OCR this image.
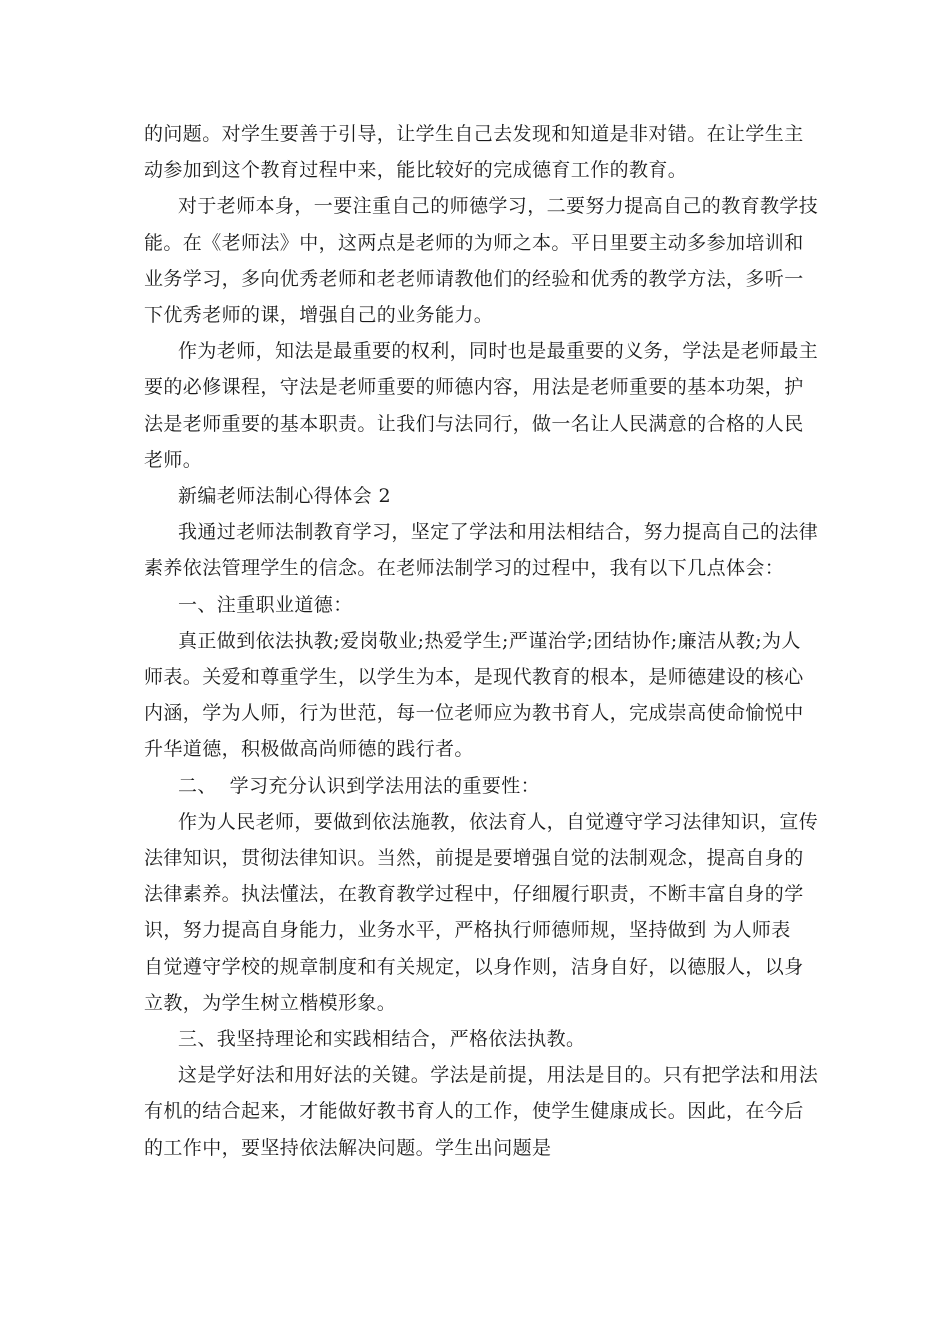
的问题。对学生要善于引导，让学生自己去发现和知道是非对错。在让学生主
动参加到这个教育过程中来，能比较好的完成德育工作的教育。

对于老师本身，一要注重自己的师德学习，二要努力提高自己的教育教学技
能。在《老师法》中，这两点是老师的为师之本。平日里要主动多参加培训和
业务学习，多向优秀老师和老老师请教他们的经验和优秀的教学方法，多听一
下优秀老师的课，增强自己的业务能力。

作为老师，知法是最重要的权利，同时也是最重要的义务，学法是老师最主
要的必修课程，守法是老师重要的师德内容，用法是老师重要的基本功架，护
法是老师重要的基本职责。让我们与法同行，做一名让人民满意的合格的人民
老师。

新编老师法制心得体会 2

我通过老师法制教育学习，坚定了学法和用法相结合，努力提高自己的法律
素养依法管理学生的信念。在老师法制学习的过程中，我有以下几点体会：

一、注重职业道德：

真正做到依法执教;爱岗敬业;热爱学生;严谨治学;团结协作;廉洁从教;为人
师表。关爱和尊重学生，以学生为本，是现代教育的根本，是师德建设的核心
内涵，学为人师，行为世范，每一位老师应为教书育人，完成崇高使命愉悦中
升华道德，积极做高尚师德的践行者。

二、  学习充分认识到学法用法的重要性：

作为人民老师，要做到依法施教，依法育人，自觉遵守学习法律知识，宣传
法律知识，贯彻法律知识。当然，前提是要增强自觉的法制观念，提高自身的
法律素养。执法懂法，在教育教学过程中，仔细履行职责，不断丰富自身的学
识，努力提高自身能力，业务水平，严格执行师德师规，坚持做到 为人师表
自觉遵守学校的规章制度和有关规定，以身作则，洁身自好，以德服人，以身
立教，为学生树立楷模形象。

三、我坚持理论和实践相结合，严格依法执教。

这是学好法和用好法的关键。学法是前提，用法是目的。只有把学法和用法
有机的结合起来，才能做好教书育人的工作，使学生健康成长。因此，在今后
的工作中，要坚持依法解决问题。学生出问题是
